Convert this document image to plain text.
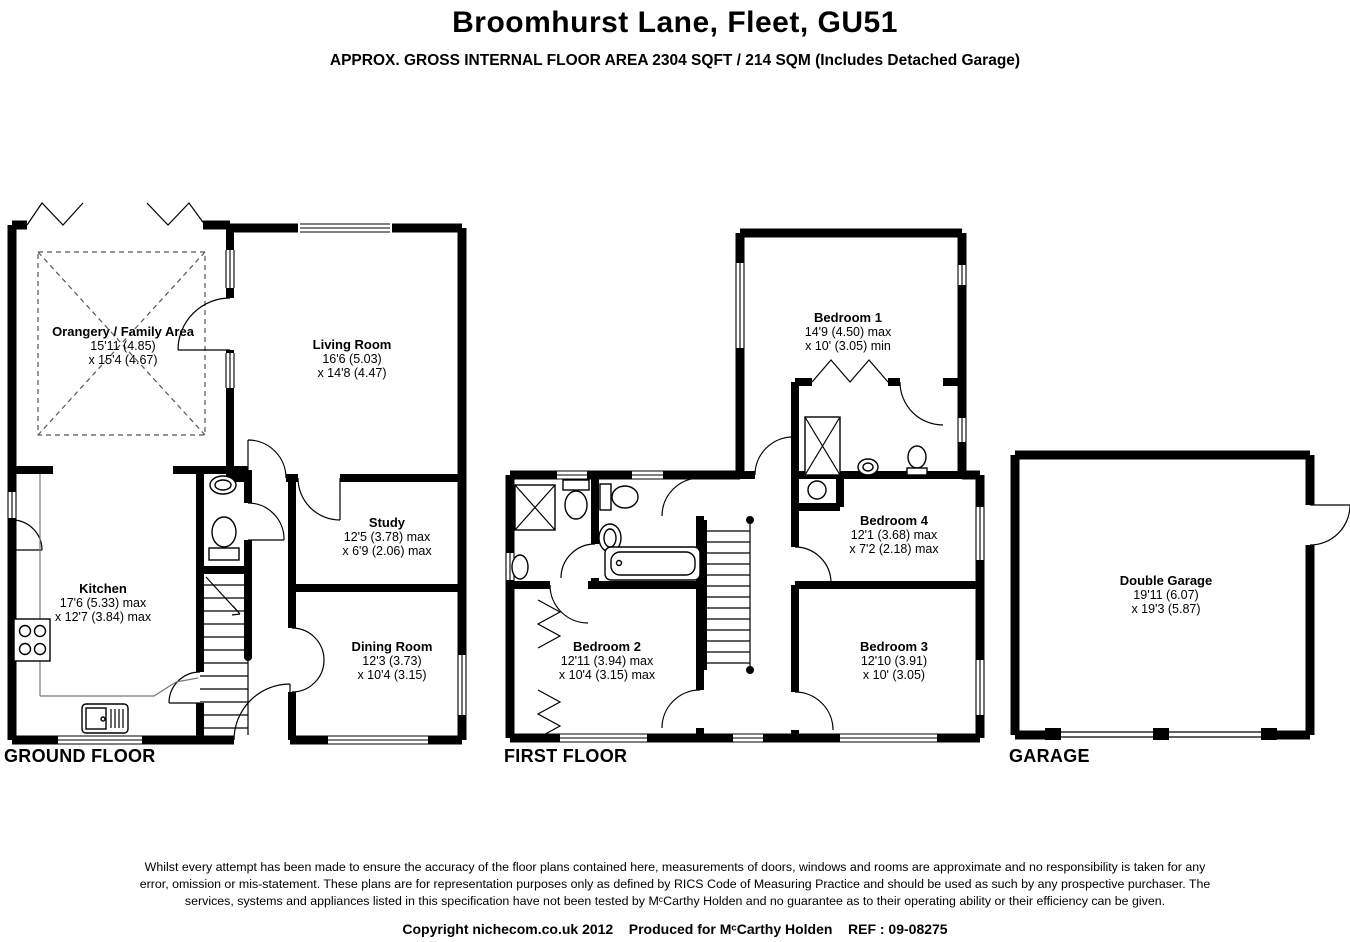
Broomhurst Lane, Fleet, GU51
APPROX. GROSS INTERNAL FLOOR AREA 2304 SQFT / 214 SQM (Includes Detached Garage)
Orangery / Family Area
15'11 (4.85)
x 15'4 (4.67)
Living Room
16'6 (5.03)
x 14'8 (4.47)
Study
12'5 (3.78) max
x 6'9 (2.06) max
Kitchen
17'6 (5.33) max
x 12'7 (3.84) max
Dining Room
12'3 (3.73)
x 10'4 (3.15)
Bedroom 1
14'9 (4.50) max
x 10' (3.05) min
Bedroom 2
12'11 (3.94) max
x 10'4 (3.15) max
Bedroom 3
12'10 (3.91)
x 10' (3.05)
Bedroom 4
12'1 (3.68) max
x 7'2 (2.18) max
Double Garage
19'11 (6.07)
x 19'3 (5.87)
GROUND FLOOR	FIRST FLOOR	GARAGE
Whilst every attempt has been made to ensure the accuracy of the floor plans contained here, measurements of doors, windows and rooms are approximate and no responsibility is taken for any
error, omission or mis-statement. These plans are for representation purposes only as defined by RICS Code of Measuring Practice and should be used as such by any prospective purchaser. The
services, systems and appliances listed in this specification have not been tested by MᶜCarthy Holden and no guarantee as to their operating ability or their efficiency can be given.
Copyright nichecom.co.uk 2012    Produced for MᶜCarthy Holden    REF : 09-08275
